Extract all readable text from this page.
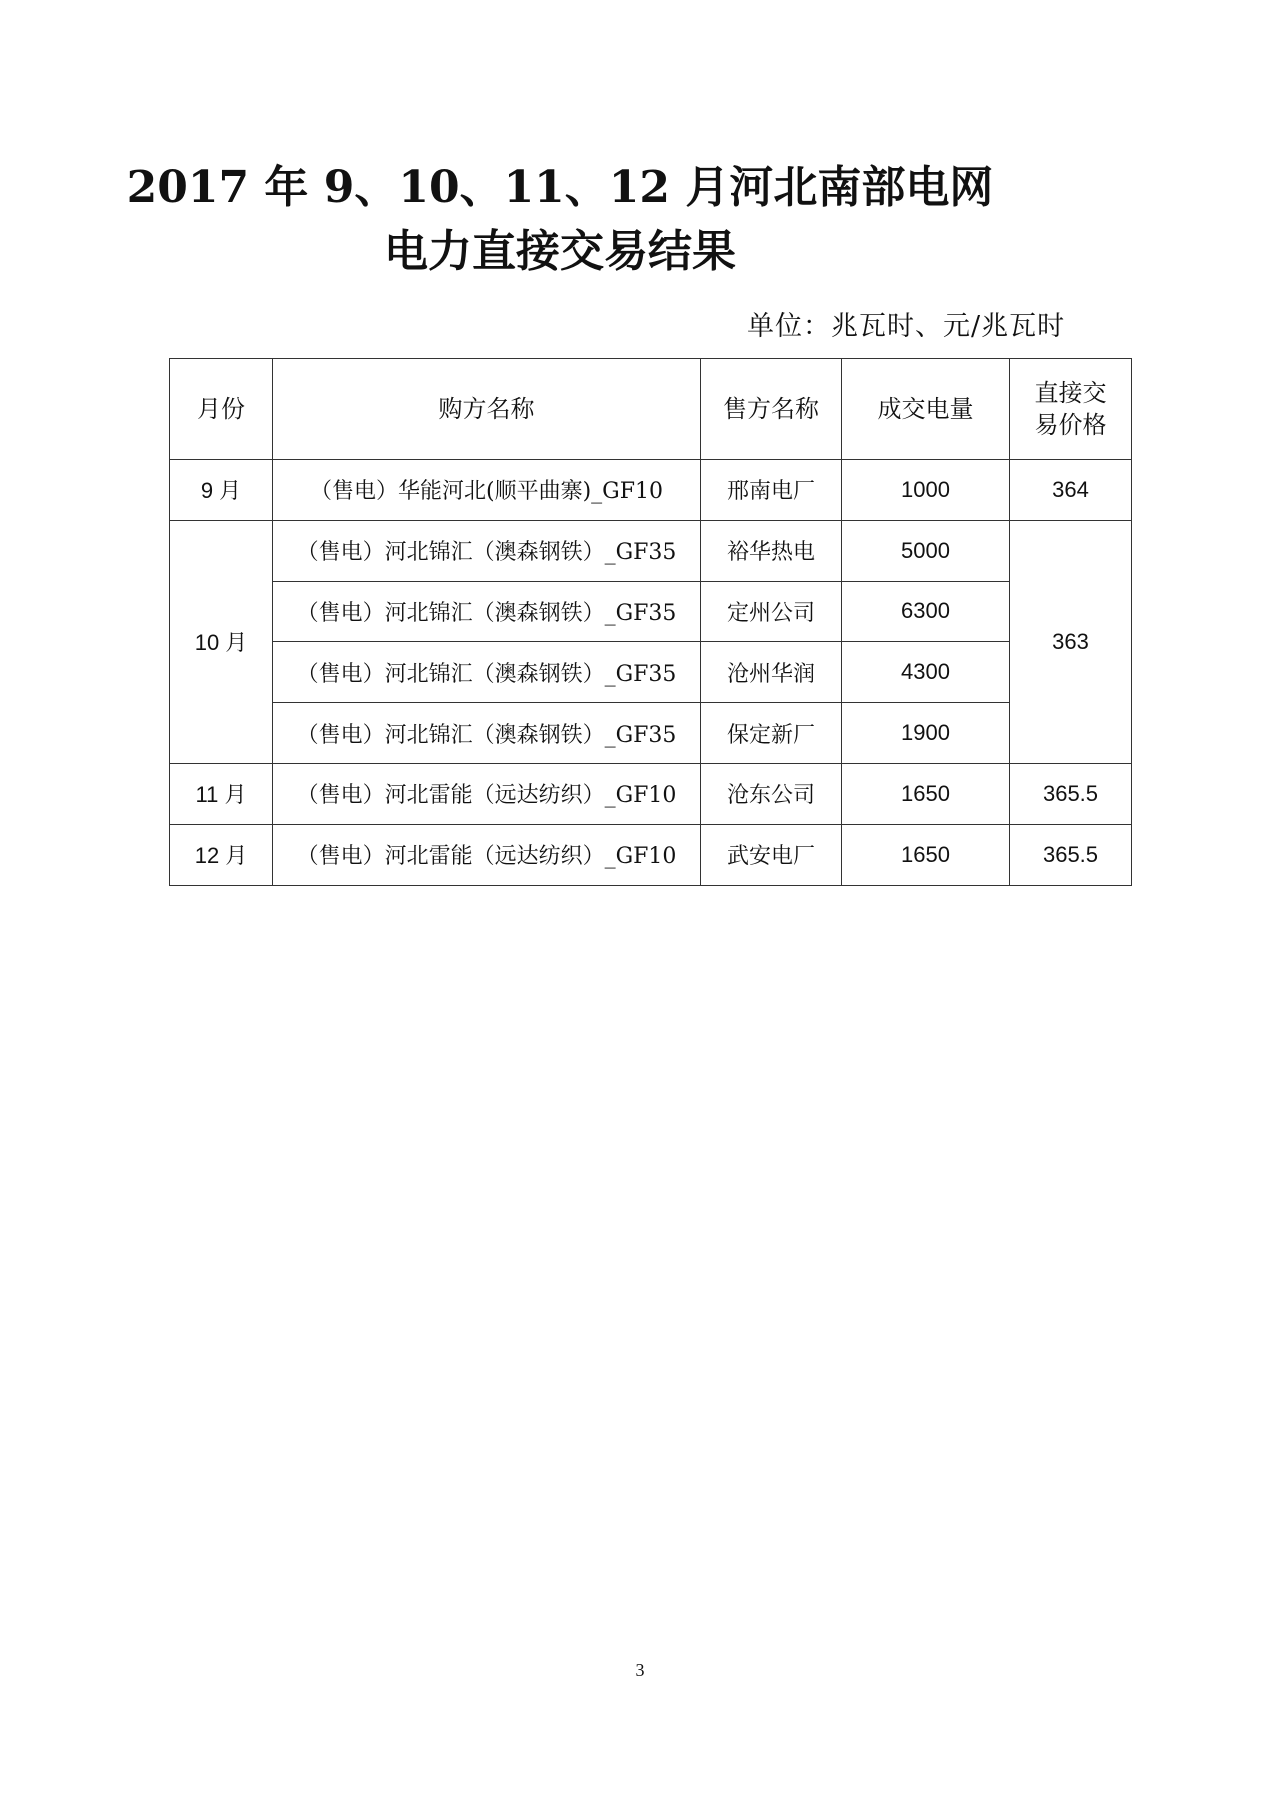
2017 年 9、10、11、12 月河北南部电网
电力直接交易结果
单位：兆瓦时、元/兆瓦时
月份	购方名称	售方名称	成交电量	直接交
易价格

9 月	（售电）华能河北(顺平曲寨)_GF10	邢南电厂	1000	364
10 月	（售电）河北锦汇（澳森钢铁）_GF35	裕华热电	5000	363
	（售电）河北锦汇（澳森钢铁）_GF35	定州公司	6300	
	（售电）河北锦汇（澳森钢铁）_GF35	沧州华润	4300	
	（售电）河北锦汇（澳森钢铁）_GF35	保定新厂	1900	
11 月	（售电）河北雷能（远达纺织）_GF10	沧东公司	1650	365.5
12 月	（售电）河北雷能（远达纺织）_GF10	武安电厂	1650	365.5
3
